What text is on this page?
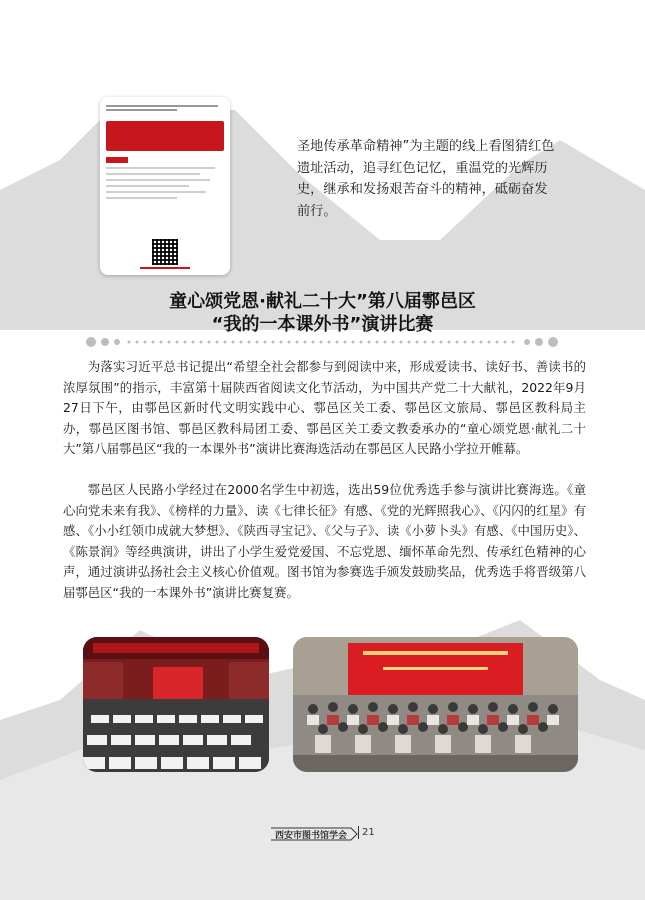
圣地传承革命精神”为主题的线上看图猜红色遗址活动，追寻红色记忆，重温党的光辉历史，继承和发扬艰苦奋斗的精神，砥砺奋发前行。
童心颂党恩·献礼二十大”第八届鄠邑区
“我的一本课外书”演讲比赛
为落实习近平总书记提出“希望全社会都参与到阅读中来，形成爱读书、读好书、善读书的浓厚氛围”的指示，丰富第十届陕西省阅读文化节活动，为中国共产党二十大献礼，2022年9月27日下午，由鄠邑区新时代文明实践中心、鄠邑区关工委、鄠邑区文旅局、鄠邑区教科局主办，鄠邑区图书馆、鄠邑区教科局团工委、鄠邑区关工委文教委承办的“童心颂党恩·献礼二十大”第八届鄠邑区“我的一本课外书”演讲比赛海选活动在鄠邑区人民路小学拉开帷幕。
鄠邑区人民路小学经过在2000名学生中初选，选出59位优秀选手参与演讲比赛海选。《童心向党未来有我》、《榜样的力量》、读《七律长征》有感、《党的光辉照我心》、《闪闪的红星》有感、《小小红领巾成就大梦想》、《陕西寻宝记》、《父与子》、读《小萝卜头》有感、《中国历史》、《陈景润》等经典演讲，讲出了小学生爱党爱国、不忘党恩、缅怀革命先烈、传承红色精神的心声，通过演讲弘扬社会主义核心价值观。图书馆为参赛选手颁发鼓励奖品，优秀选手将晋级第八届鄠邑区“我的一本课外书”演讲比赛复赛。
西安市图书馆学会	21
